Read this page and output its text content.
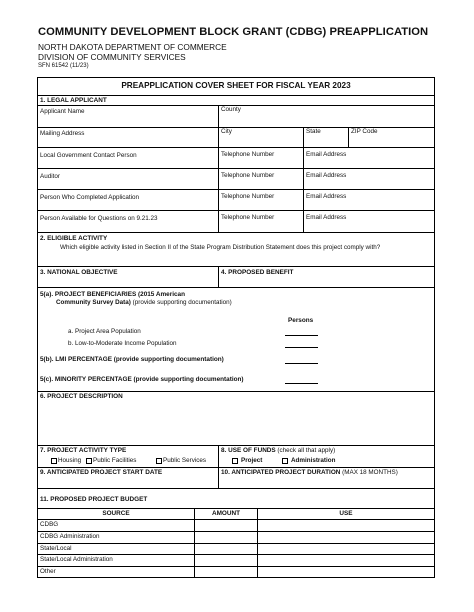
COMMUNITY DEVELOPMENT BLOCK GRANT (CDBG) PREAPPLICATION
NORTH DAKOTA DEPARTMENT OF COMMERCE
DIVISION OF COMMUNITY SERVICES
SFN 61542 (11/23)
PREAPPLICATION COVER SHEET FOR FISCAL YEAR 2023
1. LEGAL APPLICANT
Applicant Name	County
Mailing Address	City	State	ZIP Code
Local Government Contact Person	Telephone Number	Email Address
Auditor	Telephone Number	Email Address
Person Who Completed Application	Telephone Number	Email Address
Person Available for Questions on 9.21.23	Telephone Number	Email Address
2. ELIGIBLE ACTIVITY
Which eligible activity listed in Section II of the State Program Distribution Statement does this project comply with?
3. NATIONAL OBJECTIVE	4. PROPOSED BENEFIT
5(a). PROJECT BENEFICIARIES (2015 American
Community Survey Data) (provide supporting documentation)
Persons
a. Project Area Population
b. Low-to-Moderate Income Population
5(b). LMI PERCENTAGE (provide supporting documentation)
5(c). MINORITY PERCENTAGE (provide supporting documentation)
6. PROJECT DESCRIPTION
7. PROJECT ACTIVITY TYPE
Housing Public Facilities	Public Services
8. USE OF FUNDS (check all that apply)
Project	Administration
9. ANTICIPATED PROJECT START DATE	10. ANTICIPATED PROJECT DURATION (MAX 18 MONTHS)
11. PROPOSED PROJECT BUDGET
SOURCE	AMOUNT	USE
CDBG
CDBG Administration
State/Local
State/Local Administration
Other
